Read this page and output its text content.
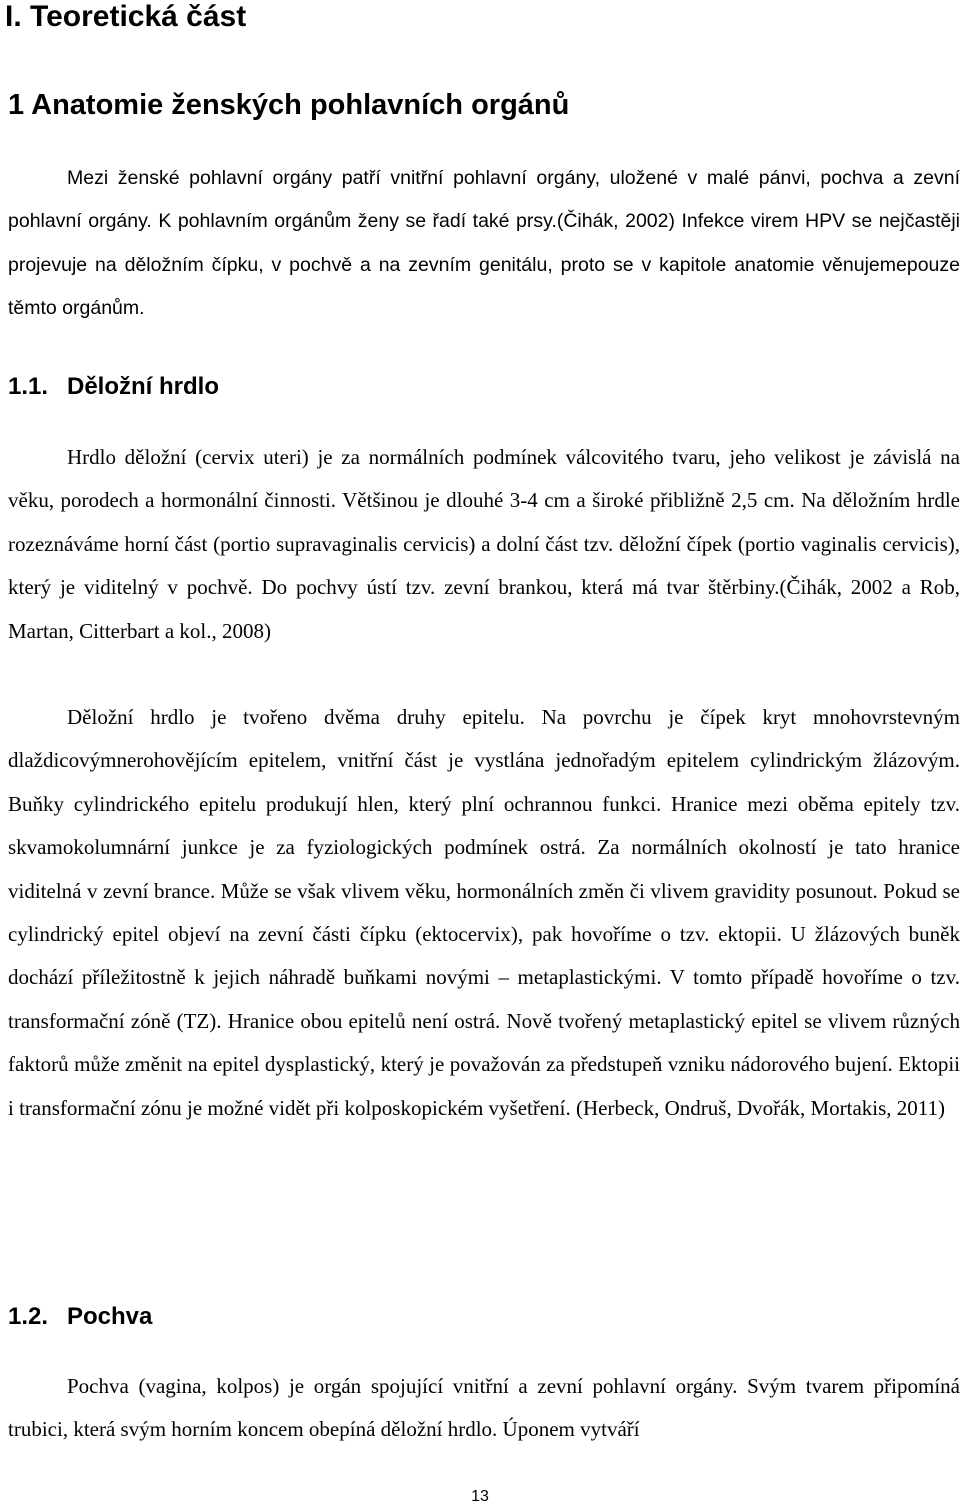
I. Teoretická část
1 Anatomie ženských pohlavních orgánů

Mezi ženské pohlavní orgány patří vnitřní pohlavní orgány, uložené v malé pánvi, pochva a zevní pohlavní orgány. K pohlavním orgánům ženy se řadí také prsy.(Čihák, 2002) Infekce virem HPV se nejčastěji projevuje na děložním čípku, v pochvě a na zevním genitálu, proto se v kapitole anatomie věnujemepouze těmto orgánům.

1.1. Děložní hrdlo

Hrdlo děložní (cervix uteri) je za normálních podmínek válcovitého tvaru, jeho velikost je závislá na věku, porodech a hormonální činnosti. Většinou je dlouhé 3-4 cm a široké přibližně 2,5 cm. Na děložním hrdle rozeznáváme horní část (portio supravaginalis cervicis) a dolní část tzv. děložní čípek (portio vaginalis cervicis), který je viditelný v pochvě. Do pochvy ústí tzv. zevní brankou, která má tvar štěrbiny.(Čihák, 2002 a Rob, Martan, Citterbart a kol., 2008)

Děložní hrdlo je tvořeno dvěma druhy epitelu. Na povrchu je čípek kryt mnohovrstevným dlaždicovýmnerohovějícím epitelem, vnitřní část je vystlána jednořadým epitelem cylindrickým žlázovým. Buňky cylindrického epitelu produkují hlen, který plní ochrannou funkci. Hranice mezi oběma epitely tzv. skvamokolumnární junkce je za fyziologických podmínek ostrá. Za normálních okolností je tato hranice viditelná v zevní brance. Může se však vlivem věku, hormonálních změn či vlivem gravidity posunout. Pokud se cylindrický epitel objeví na zevní části čípku (ektocervix), pak hovoříme o tzv. ektopii. U žlázových buněk dochází příležitostně k jejich náhradě buňkami novými – metaplastickými. V tomto případě hovoříme o tzv. transformační zóně (TZ). Hranice obou epitelů není ostrá. Nově tvořený metaplastický epitel se vlivem různých faktorů může změnit na epitel dysplastický, který je považován za předstupeň vzniku nádorového bujení. Ektopii i transformační zónu je možné vidět při kolposkopickém vyšetření. (Herbeck, Ondruš, Dvořák, Mortakis, 2011)

1.2. Pochva

Pochva (vagina, kolpos) je orgán spojující vnitřní a zevní pohlavní orgány. Svým tvarem připomíná trubici, která svým horním koncem obepíná děložní hrdlo. Úponem vytváří

13
